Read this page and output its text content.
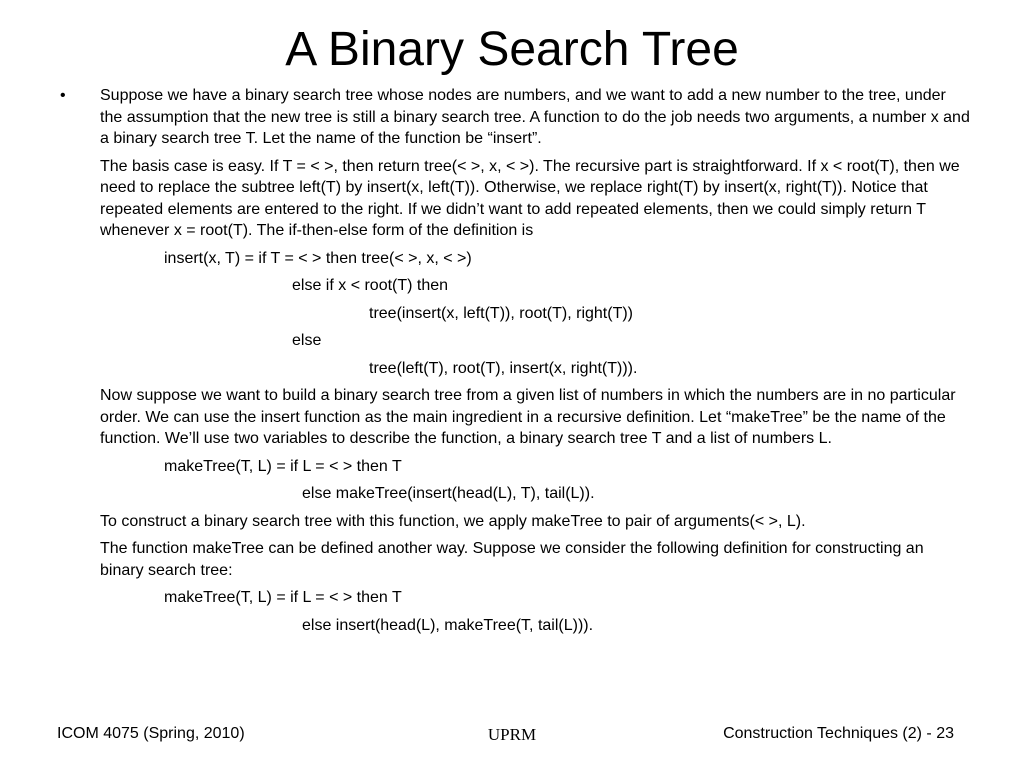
A Binary Search Tree
• Suppose we have a binary search tree whose nodes are numbers, and we want to add a new number to the tree, under the assumption that the new tree is still a binary search tree. A function to do the job needs two arguments, a number x and a binary search tree T. Let the name of the function be “insert”.

The basis case is easy. If T = < >, then return tree(< >, x, < >). The recursive part is straightforward. If x < root(T), then we need to replace the subtree left(T) by insert(x, left(T)). Otherwise, we replace right(T) by insert(x, right(T)). Notice that repeated elements are entered to the right. If we didn’t want to add repeated elements, then we could simply return T whenever x = root(T). The if-then-else form of the definition is

insert(x, T) = if T = < > then tree(< >, x, < >)
else if x < root(T) then
tree(insert(x, left(T)), root(T), right(T))
else
tree(left(T), root(T), insert(x, right(T))).

Now suppose we want to build a binary search tree from a given list of numbers in which the numbers are in no particular order. We can use the insert function as the main ingredient in a recursive definition. Let “makeTree” be the name of the function. We’ll use two variables to describe the function, a binary search tree T and a list of numbers L.

makeTree(T, L) = if L = < > then T
else makeTree(insert(head(L), T), tail(L)).

To construct a binary search tree with this function, we apply makeTree to pair of arguments(< >, L).

The function makeTree can be defined another way. Suppose we consider the following definition for constructing an binary search tree:

makeTree(T, L) = if L = < > then T
else insert(head(L), makeTree(T, tail(L))).
ICOM 4075 (Spring, 2010)	UPRM	Construction Techniques (2) - 23
